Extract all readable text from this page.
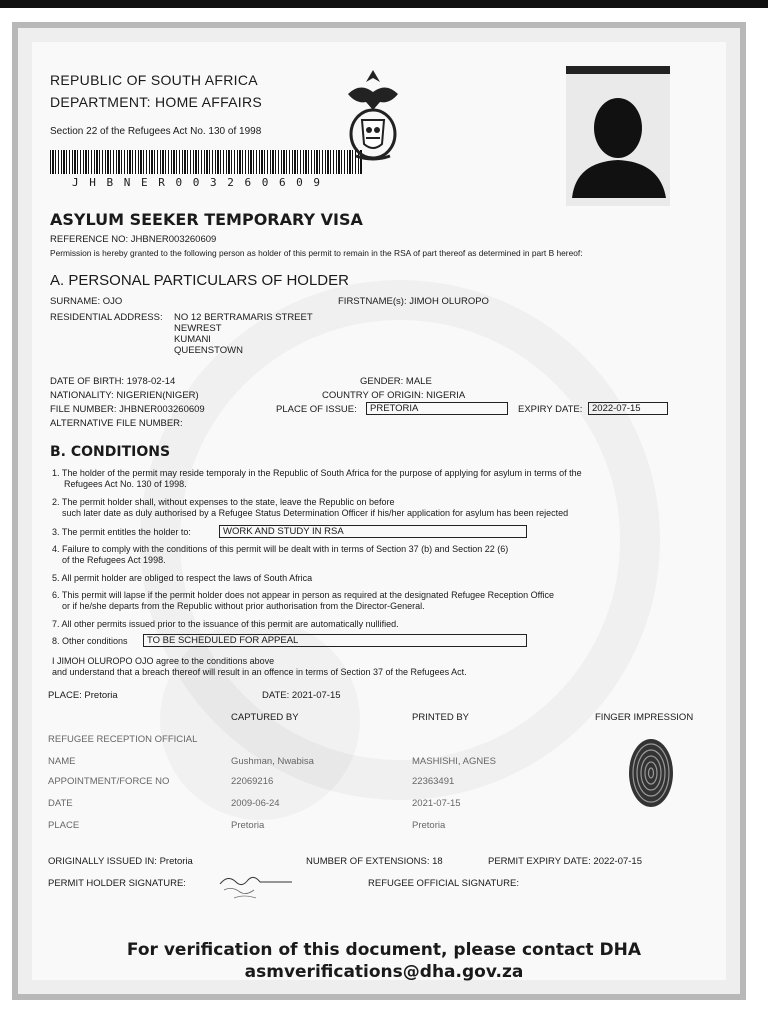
REPUBLIC OF SOUTH AFRICA
DEPARTMENT: HOME AFFAIRS
Section 22 of the Refugees Act No. 130 of 1998
J H B N E R 0 0 3 2 6 0 6 0 9
ASYLUM SEEKER TEMPORARY VISA
REFERENCE NO: JHBNER003260609
Permission is hereby granted to the following person as holder of this permit to remain in the RSA of part thereof as determined in part B hereof:
A. PERSONAL PARTICULARS OF HOLDER
SURNAME: OJO	FIRSTNAME(s): JIMOH OLUROPO
RESIDENTIAL ADDRESS: NO 12 BERTRAMARIS STREET
NEWREST
KUMANI
QUEENSTOWN
DATE OF BIRTH: 1978-02-14	GENDER: MALE
NATIONALITY: NIGERIEN(NIGER)	COUNTRY OF ORIGIN: NIGERIA
FILE NUMBER: JHBNER003260609	PLACE OF ISSUE:	PRETORIA	EXPIRY DATE:	2022-07-15
ALTERNATIVE FILE NUMBER:
B. CONDITIONS
1. The holder of the permit may reside temporaly in the Republic of South Africa for the purpose of applying for asylum in terms of the
Refugees Act No. 130 of 1998.
2. The permit holder shall, without expenses to the state, leave the Republic on before
such later date as duly authorised by a Refugee Status Determination Officer if his/her application for asylum has been rejected
3. The permit entitles the holder to:	WORK AND STUDY IN RSA
4. Failure to comply with the conditions of this permit will be dealt with in terms of Section 37 (b) and Section 22 (6)
of the Refugees Act 1998.
5. All permit holder are obliged to respect the laws of South Africa
6. This permit will lapse if the permit holder does not appear in person as required at the designated Refugee Reception Office
or if he/she departs from the Republic without prior authorisation from the Director-General.
7. All other permits issued prior to the issuance of this permit are automatically nullified.
8. Other conditions	TO BE SCHEDULED FOR APPEAL
I JIMOH OLUROPO OJO agree to the conditions above
and understand that a breach thereof will result in an offence in terms of Section 37 of the Refugees Act.
PLACE: Pretoria	DATE: 2021-07-15
CAPTURED BY	PRINTED BY	FINGER IMPRESSION
REFUGEE RECEPTION OFFICIAL
NAME	Gushman, Nwabisa	MASHISHI, AGNES
APPOINTMENT/FORCE NO	22069216	22363491
DATE	2009-06-24	2021-07-15
PLACE	Pretoria	Pretoria
ORIGINALLY ISSUED IN: Pretoria	NUMBER OF EXTENSIONS: 18	PERMIT EXPIRY DATE: 2022-07-15
PERMIT HOLDER SIGNATURE:	REFUGEE OFFICIAL SIGNATURE:
For verification of this document, please contact DHA
asmverifications@dha.gov.za
